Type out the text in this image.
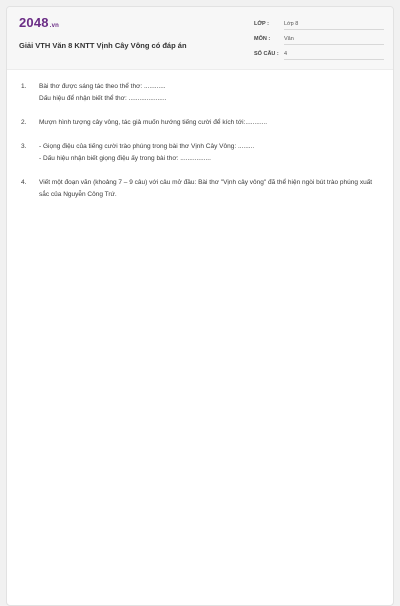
2048.vn
Giải VTH Văn 8 KNTT Vịnh Cây Vông có đáp án
LỚP :	Lớp 8
MÔN :	Văn
SỐ CÂU : 4
1. Bài thơ được sáng tác theo thể thơ: ............
Dấu hiệu để nhận biết thể thơ: .....................
2. Mượn hình tượng cây vông, tác giả muốn hướng tiếng cười để kích tới:............
3. - Giọng điệu của tiếng cười trào phúng trong bài thơ Vịnh Cây Vông: .........
- Dấu hiệu nhận biết giọng điệu ấy trong bài thơ: .................
4. Viết một đoạn văn (khoảng 7 – 9 câu) với câu mở đầu: Bài thơ "Vịnh cây vông" đã thể hiện ngòi bút trào phúng xuất sắc của Nguyễn Công Trứ.
